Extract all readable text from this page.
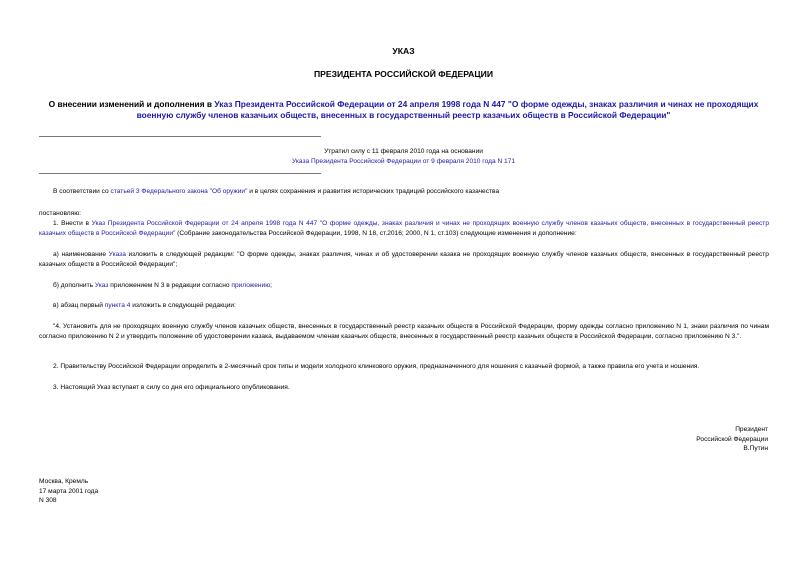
УКАЗ
ПРЕЗИДЕНТА РОССИЙСКОЙ ФЕДЕРАЦИИ
О внесении изменений и дополнения в Указ Президента Российской Федерации от 24 апреля 1998 года N 447 "О форме одежды, знаках различия и чинах не проходящих военную службу членов казачьих обществ, внесенных в государственный реестр казачьих обществ в Российской Федерации"
Утратил силу с 11 февраля 2010 года на основании
Указа Президента Российской Федерации от 9 февраля 2010 года N 171
В соответствии со статьей 3 Федерального закона "Об оружии" и в целях сохранения и развития исторических традиций российского казачества
постановляю:
1. Внести в Указ Президента Российской Федерации от 24 апреля 1998 года N 447 "О форме одежды, знаках различия и чинах не проходящих военную службу членов казачьих обществ, внесенных в государственный реестр казачьих обществ в Российской Федерации" (Собрание законодательства Российской Федерации, 1998, N 18, ст.2016; 2000, N 1, ст.103) следующие изменения и дополнение:
а) наименование Указа изложить в следующей редакции: "О форме одежды, знаках различия, чинах и об удостоверении казака не проходящих военную службу членов казачьих обществ, внесенных в государственный реестр казачьих обществ в Российской Федерации";
б) дополнить Указ приложением N 3 в редакции согласно приложению;
в) абзац первый пункта 4 изложить в следующей редакции:
"4. Установить для не проходящих военную службу членов казачьих обществ, внесенных в государственный реестр казачьих обществ в Российской Федерации, форму одежды согласно приложению N 1, знаки различия по чинам согласно приложению N 2 и утвердить положение об удостоверении казака, выдаваемом членам казачьих обществ, внесенных в государственный реестр казачьих обществ в Российской Федерации, согласно приложению N 3.".
2. Правительству Российской Федерации определить в 2-месячный срок типы и модели холодного клинкового оружия, предназначенного для ношения с казачьей формой, а также правила его учета и ношения.
3. Настоящий Указ вступает в силу со дня его официального опубликования.
Президент
Российской Федерации
В.Путин
Москва, Кремль
17 марта 2001 года
N 308
